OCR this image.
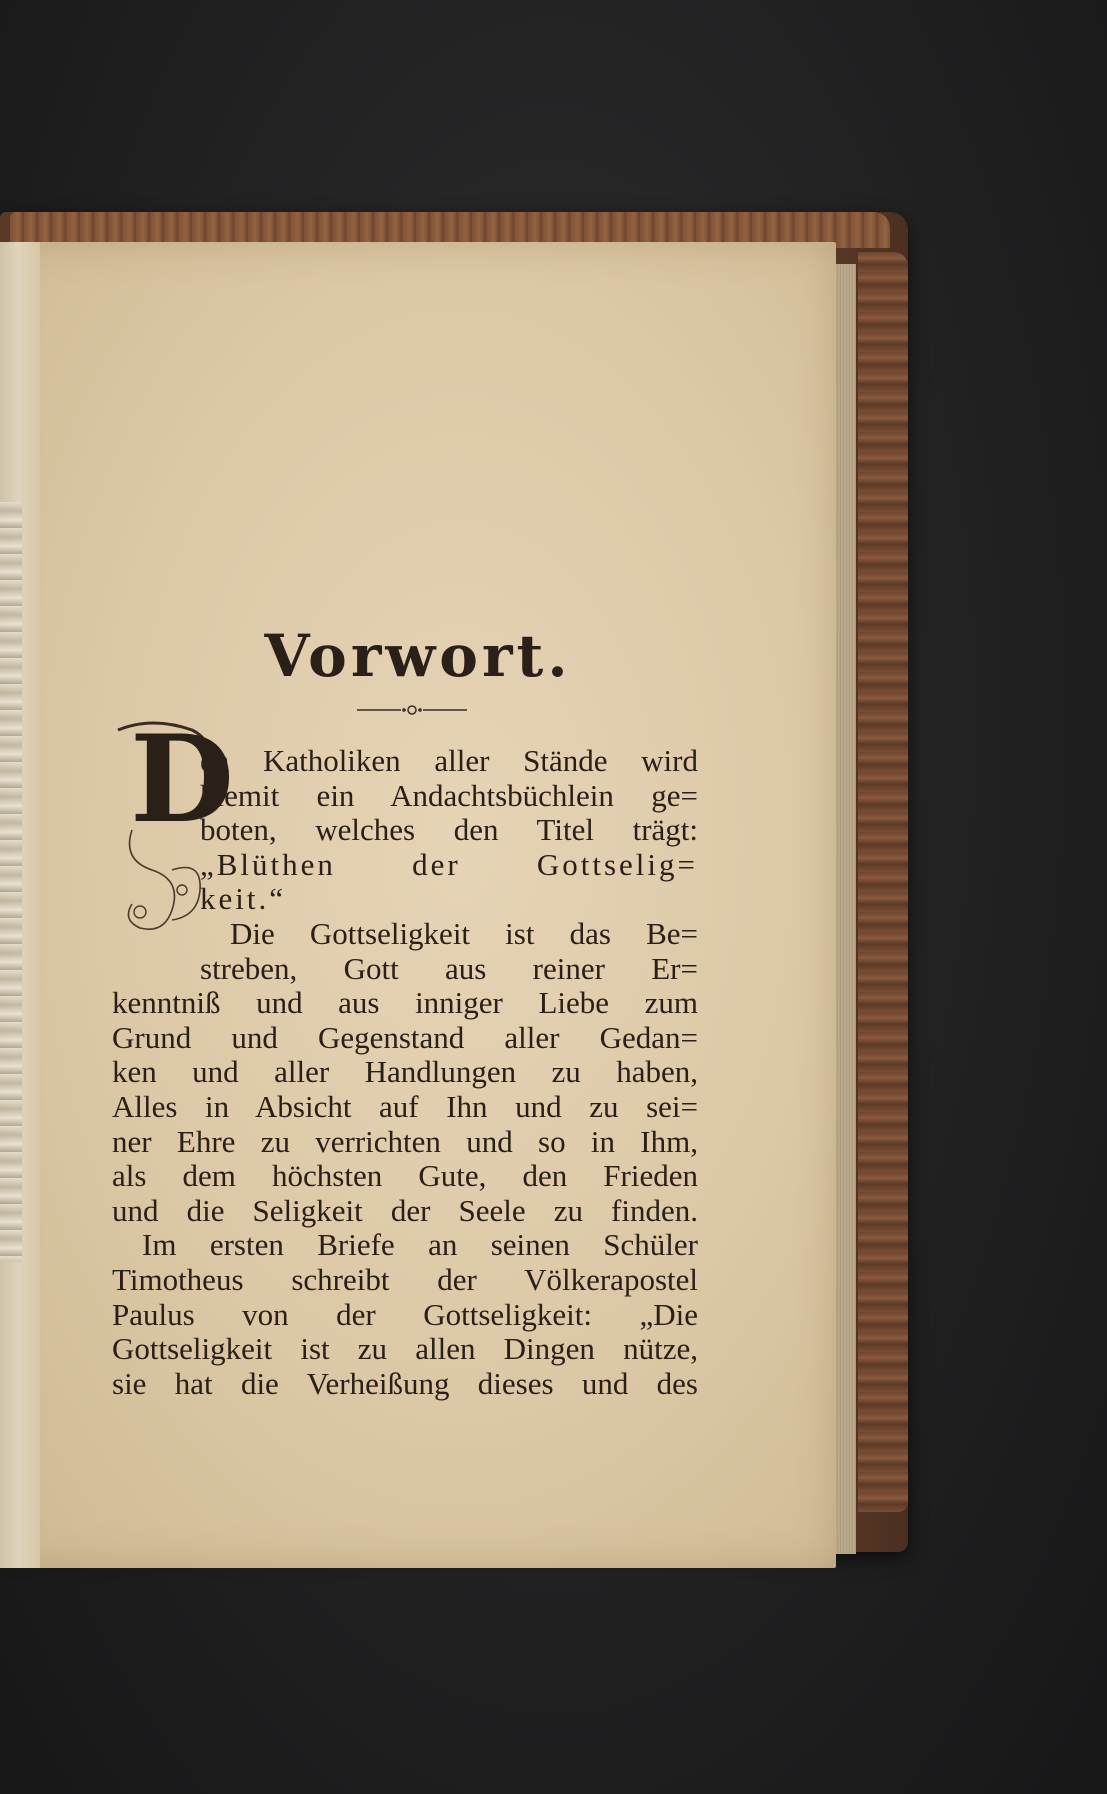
Vorwort.
D
en Katholiken aller Stände wird
hiemit ein Andachtsbüchlein ge=
boten, welches den Titel trägt:
„Blüthen der Gottselig=
keit.“
Die Gottseligkeit ist das Be=
streben, Gott aus reiner Er=
kenntniß und aus inniger Liebe zum
Grund und Gegenstand aller Gedan=
ken und aller Handlungen zu haben,
Alles in Absicht auf Ihn und zu sei=
ner Ehre zu verrichten und so in Ihm,
als dem höchsten Gute, den Frieden
und die Seligkeit der Seele zu finden.
Im ersten Briefe an seinen Schüler
Timotheus schreibt der Völkerapostel
Paulus von der Gottseligkeit: „Die
Gottseligkeit ist zu allen Dingen nütze,
sie hat die Verheißung dieses und des
